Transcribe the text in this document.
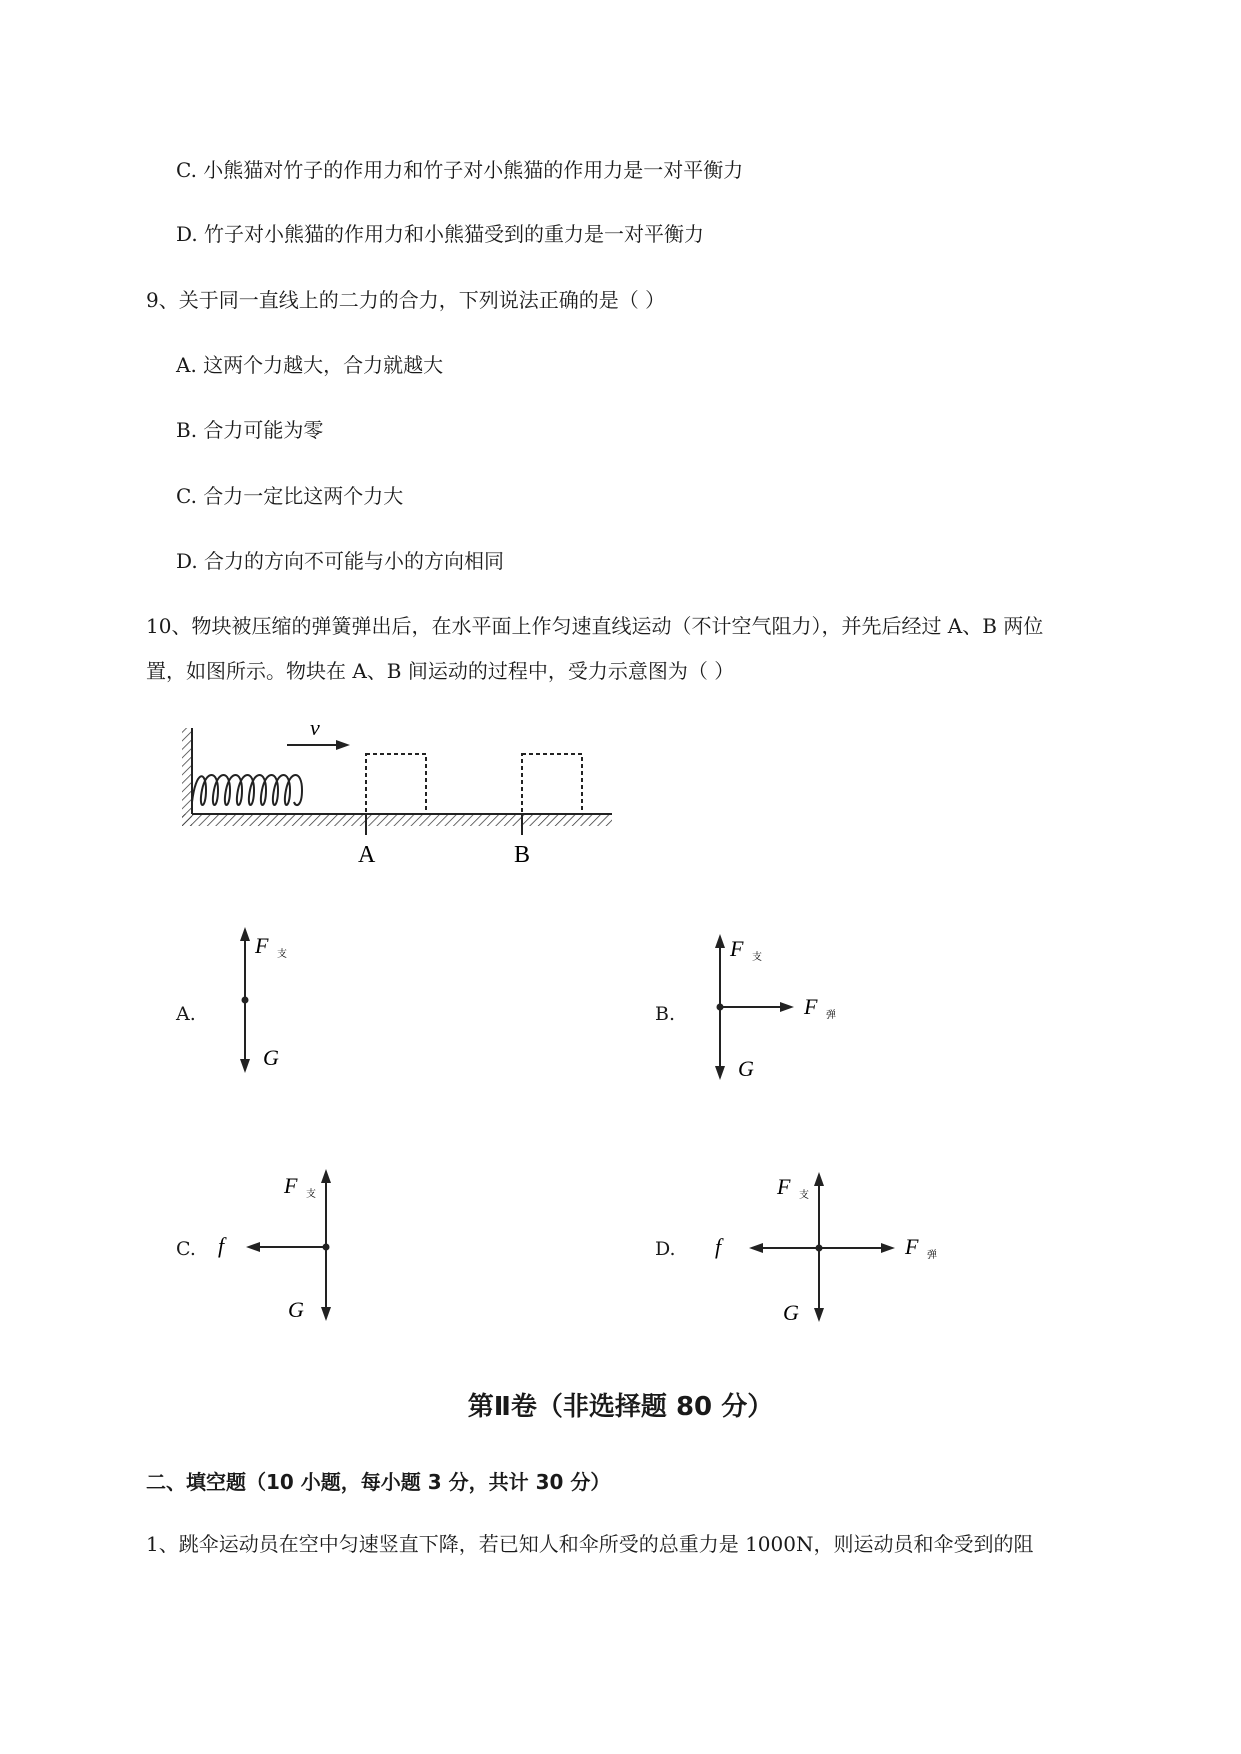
C. 小熊猫对竹子的作用力和竹子对小熊猫的作用力是一对平衡力
D. 竹子对小熊猫的作用力和小熊猫受到的重力是一对平衡力
9、关于同一直线上的二力的合力，下列说法正确的是（ ）
A. 这两个力越大，合力就越大
B. 合力可能为零
C. 合力一定比这两个力大
D. 合力的方向不可能与小的方向相同
10、物块被压缩的弹簧弹出后，在水平面上作匀速直线运动（不计空气阻力），并先后经过 A、B 两位
置，如图所示。物块在 A、B 间运动的过程中，受力示意图为（ ）
v
A	B
A.
F 支
G
B.
F 支
F 弹
G
C.
F 支
f
G
D.
F 支
f	F 弹
G
第Ⅱ卷（非选择题 80 分）
二、填空题（10 小题，每小题 3 分，共计 30 分）
1、跳伞运动员在空中匀速竖直下降，若已知人和伞所受的总重力是 1000N，则运动员和伞受到的阻
